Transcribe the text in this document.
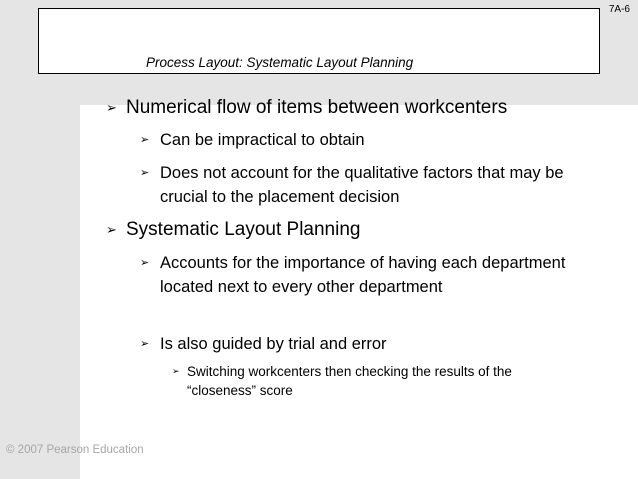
Process Layout: Systematic Layout Planning
7A-6
➢ Numerical flow of items between workcenters
➢ Can be impractical to obtain
➢ Does not account for the qualitative factors that may be crucial to the placement decision
➢ Systematic Layout Planning
➢ Accounts for the importance of having each department located next to every other department
➢ Is also guided by trial and error
➢ Switching workcenters then checking the results of the “closeness” score
© 2007 Pearson Education
